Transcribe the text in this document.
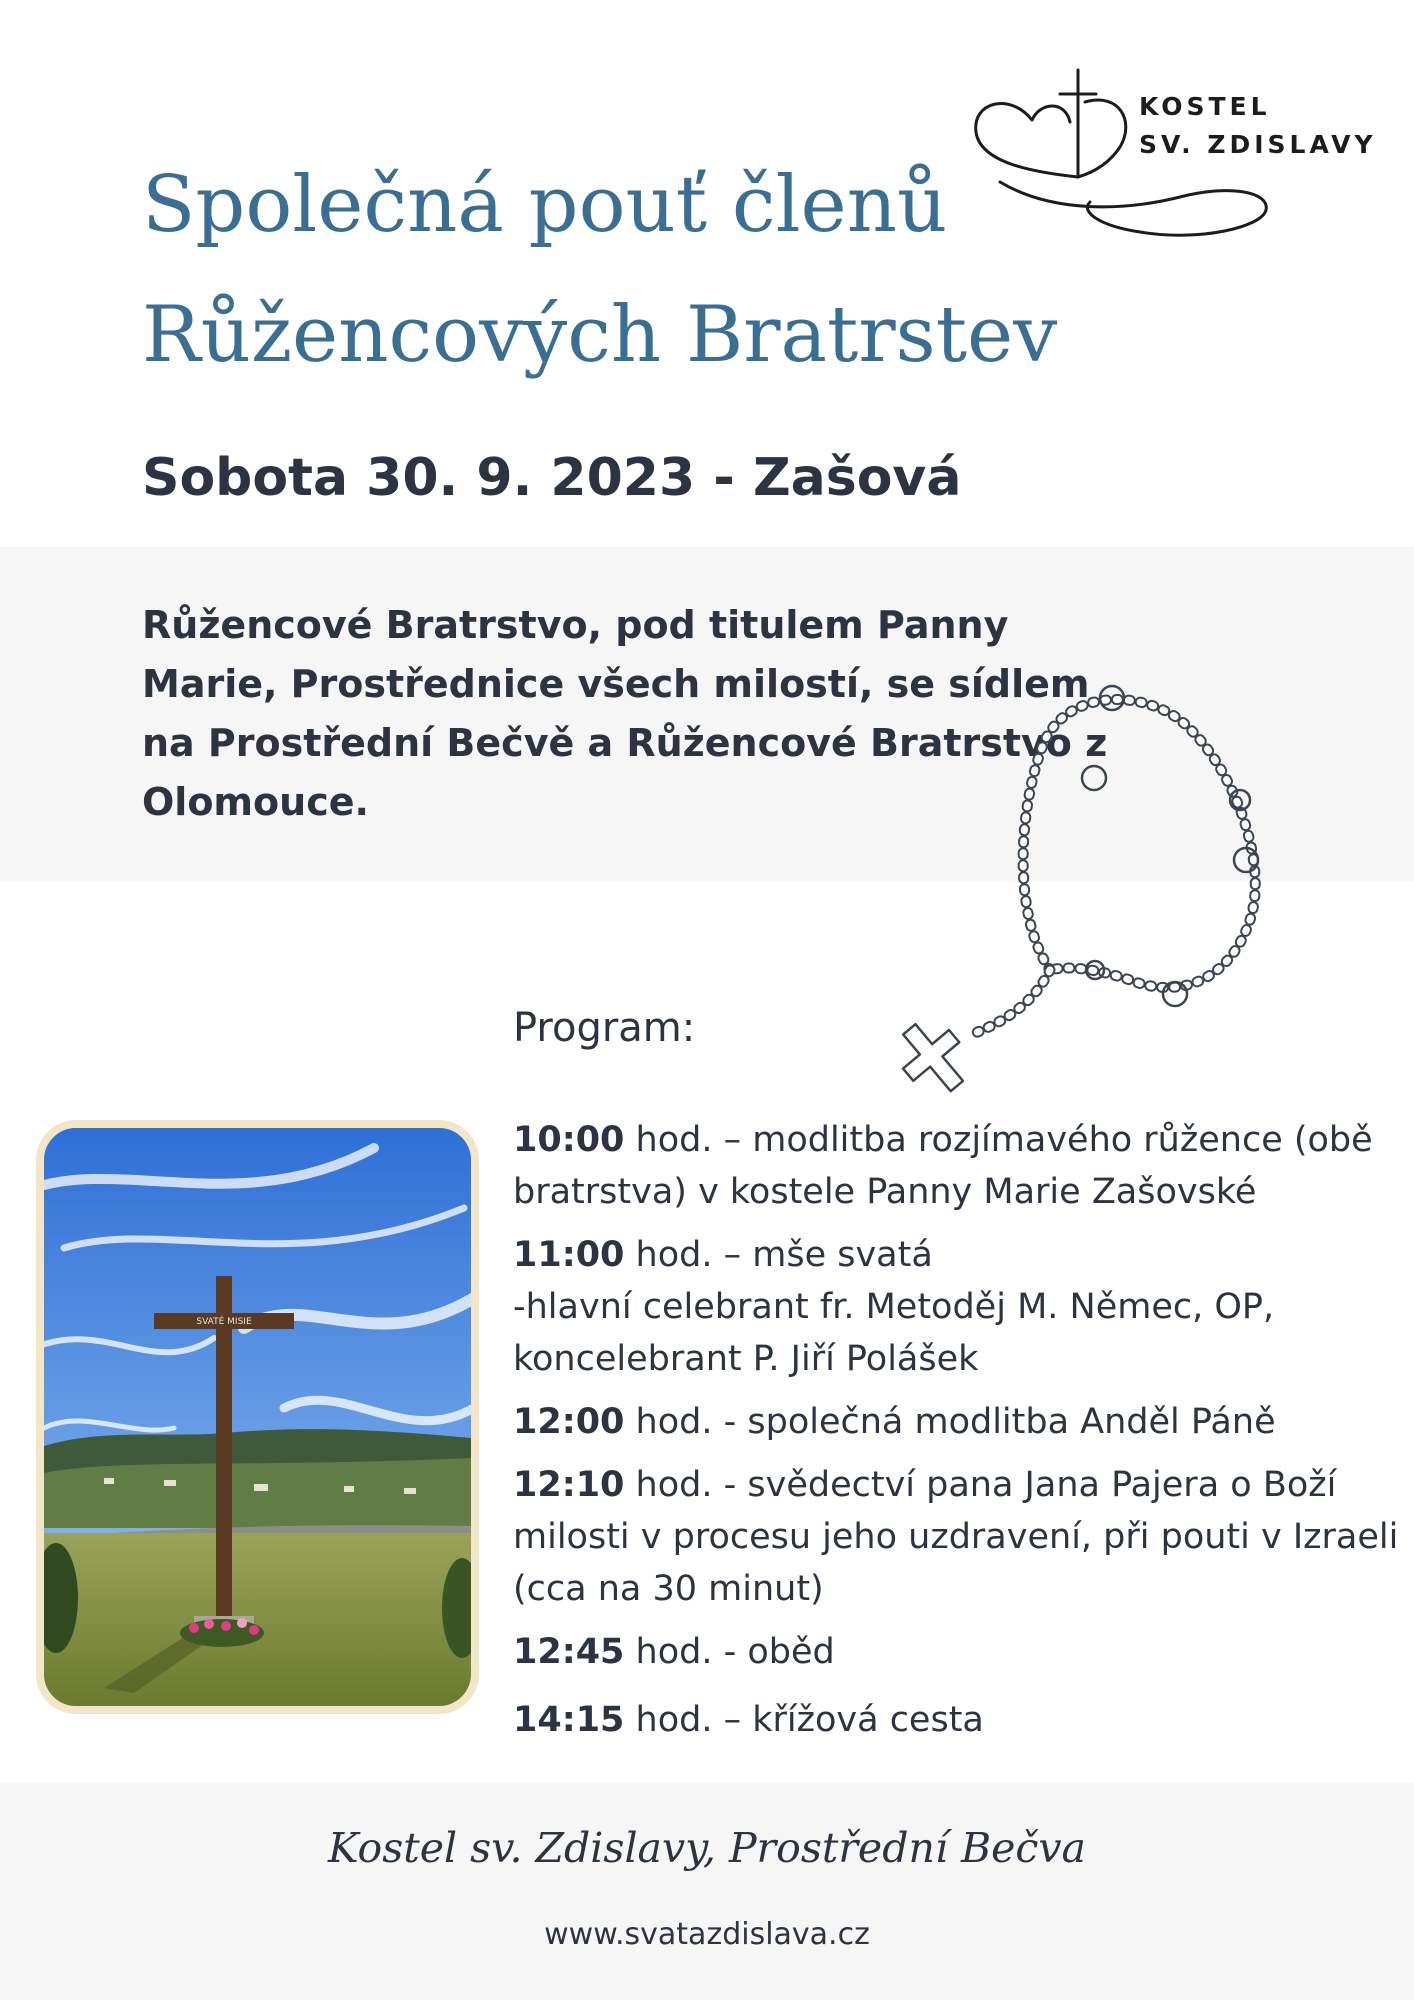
Společná pouť členů
Růžencových Bratrstev
KOSTEL
SV. ZDISLAVY
Sobota 30. 9. 2023 - Zašová
Růžencové Bratrstvo, pod titulem Panny Marie, Prostřednice všech milostí, se sídlem na Prostřední Bečvě a Růžencové Bratrstvo z Olomouce.
Program:
10:00 hod. – modlitba rozjímavého růžence (obě bratrstva) v kostele Panny Marie Zašovské
11:00 hod. – mše svatá
-hlavní celebrant fr. Metoděj M. Němec, OP, koncelebrant P. Jiří Polášek
12:00 hod. - společná modlitba Anděl Páně
12:10 hod. - svědectví pana Jana Pajera o Boží milosti v procesu jeho uzdravení, při pouti v Izraeli (cca na 30 minut)
12:45 hod. - oběd
14:15 hod. – křížová cesta
SVATÉ MISIE
Kostel sv. Zdislavy, Prostřední Bečva
www.svatazdislava.cz
